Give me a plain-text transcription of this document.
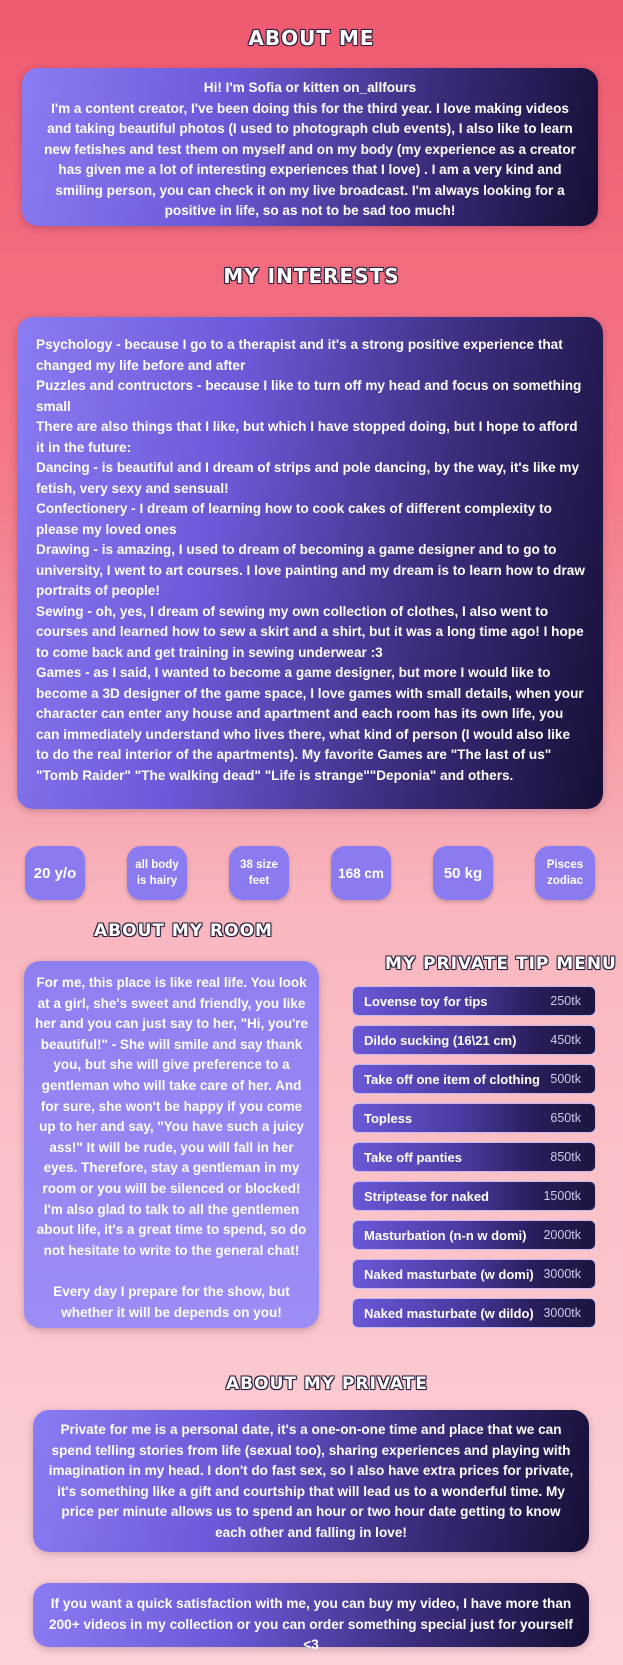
ABOUT ME

Hi! I'm Sofia or kitten on_allfours

I'm a content creator, I've been doing this for the third year. I love making videos and taking beautiful photos (I used to photograph club events), I also like to learn new fetishes and test them on myself and on my body (my experience as a creator has given me a lot of interesting experiences that I love) . I am a very kind and smiling person, you can check it on my live broadcast. I'm always looking for a positive in life, so as not to be sad too much!

MY INTERESTS
Psychology - because I go to a therapist and it's a strong positive experience that changed my life before and after
Puzzles and contructors - because I like to turn off my head and focus on something small
There are also things that I like, but which I have stopped doing, but I hope to afford it in the future:
Dancing - is beautiful and I dream of strips and pole dancing, by the way, it's like my fetish, very sexy and sensual!
Confectionery - I dream of learning how to cook cakes of different complexity to please my loved ones
Drawing - is amazing, I used to dream of becoming a game designer and to go to university, I went to art courses. I love painting and my dream is to learn how to draw portraits of people!
Sewing - oh, yes, I dream of sewing my own collection of clothes, I also went to courses and learned how to sew a skirt and a shirt, but it was a long time ago! I hope to come back and get training in sewing underwear :3
Games - as I said, I wanted to become a game designer, but more I would like to become a 3D designer of the game space, I love games with small details, when your character can enter any house and apartment and each room has its own life, you can immediately understand who lives there, what kind of person (I would also like to do the real interior of the apartments). My favorite Games are "The last of us" "Tomb Raider" "The walking dead" "Life is strange""Deponia" and others.
20 y/o	all body
is hairy
38 size
feet
168 cm	50 kg	Pisces
zodiac
ABOUT MY ROOM

For me, this place is like real life. You look at a girl, she's sweet and friendly, you like her and you can just say to her, "Hi, you're beautiful!" - She will smile and say thank you, but she will give preference to a gentleman who will take care of her. And for sure, she won't be happy if you come up to her and say, "You have such a juicy ass!" It will be rude, you will fall in her eyes. Therefore, stay a gentleman in my room or you will be silenced or blocked!
I'm also glad to talk to all the gentlemen about life, it's a great time to spend, so do not hesitate to write to the general chat!

Every day I prepare for the show, but whether it will be depends on you!

MY PRIVATE TIP MENU
Lovense toy for tips	250tk
Dildo sucking (16\21 cm)	450tk
Take off one item of clothing 500tk
Topless	650tk
Take off panties	850tk
Striptease for naked	1500tk
Masturbation (n-n w domi) 2000tk
Naked masturbate (w domi) 3000tk
Naked masturbate (w dildo) 3000tk
ABOUT MY PRIVATE

Private for me is a personal date, it's a one-on-one time and place that we can spend telling stories from life (sexual too), sharing experiences and playing with imagination in my head. I don't do fast sex, so I also have extra prices for private, it's something like a gift and courtship that will lead us to a wonderful time. My price per minute allows us to spend an hour or two hour date getting to know each other and falling in love!

If you want a quick satisfaction with me, you can buy my video, I have more than 200+ videos in my collection or you can order something special just for yourself <3
